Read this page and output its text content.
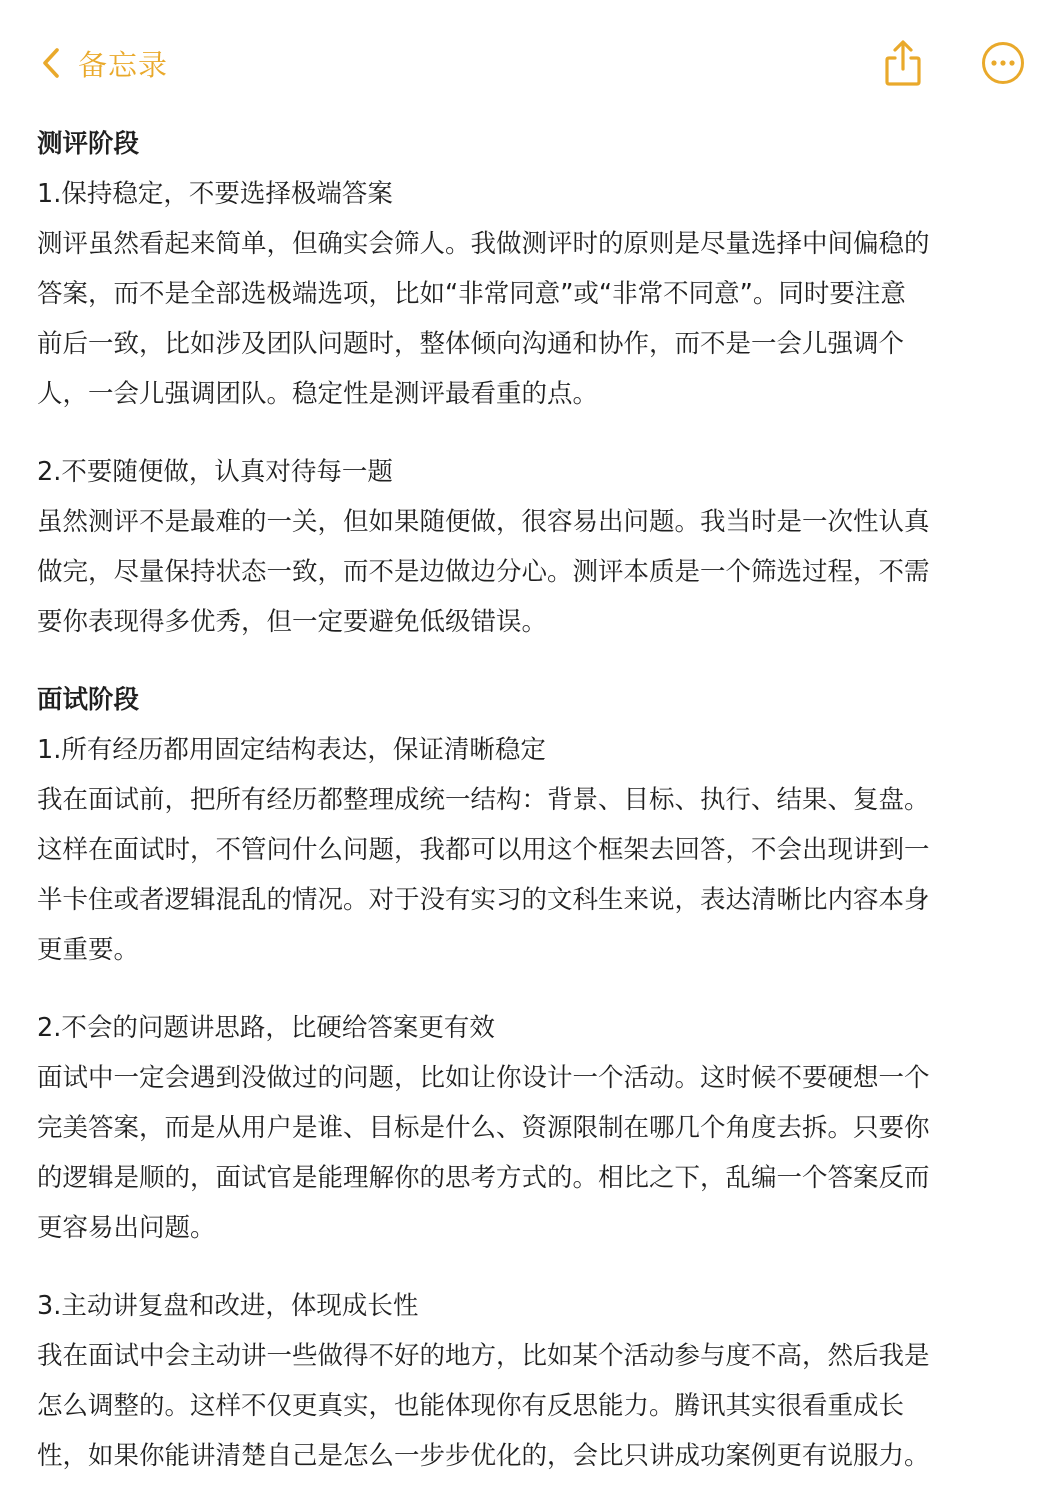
备忘录
测评阶段
1.保持稳定，不要选择极端答案
测评虽然看起来简单，但确实会筛人。我做测评时的原则是尽量选择中间偏稳的
答案，而不是全部选极端选项，比如“非常同意”或“非常不同意”。同时要注意
前后一致，比如涉及团队问题时，整体倾向沟通和协作，而不是一会儿强调个
人，一会儿强调团队。稳定性是测评最看重的点。
2.不要随便做，认真对待每一题
虽然测评不是最难的一关，但如果随便做，很容易出问题。我当时是一次性认真
做完，尽量保持状态一致，而不是边做边分心。测评本质是一个筛选过程，不需
要你表现得多优秀，但一定要避免低级错误。
面试阶段
1.所有经历都用固定结构表达，保证清晰稳定
我在面试前，把所有经历都整理成统一结构：背景、目标、执行、结果、复盘。
这样在面试时，不管问什么问题，我都可以用这个框架去回答，不会出现讲到一
半卡住或者逻辑混乱的情况。对于没有实习的文科生来说，表达清晰比内容本身
更重要。
2.不会的问题讲思路，比硬给答案更有效
面试中一定会遇到没做过的问题，比如让你设计一个活动。这时候不要硬想一个
完美答案，而是从用户是谁、目标是什么、资源限制在哪几个角度去拆。只要你
的逻辑是顺的，面试官是能理解你的思考方式的。相比之下，乱编一个答案反而
更容易出问题。
3.主动讲复盘和改进，体现成长性
我在面试中会主动讲一些做得不好的地方，比如某个活动参与度不高，然后我是
怎么调整的。这样不仅更真实，也能体现你有反思能力。腾讯其实很看重成长
性，如果你能讲清楚自己是怎么一步步优化的，会比只讲成功案例更有说服力。
